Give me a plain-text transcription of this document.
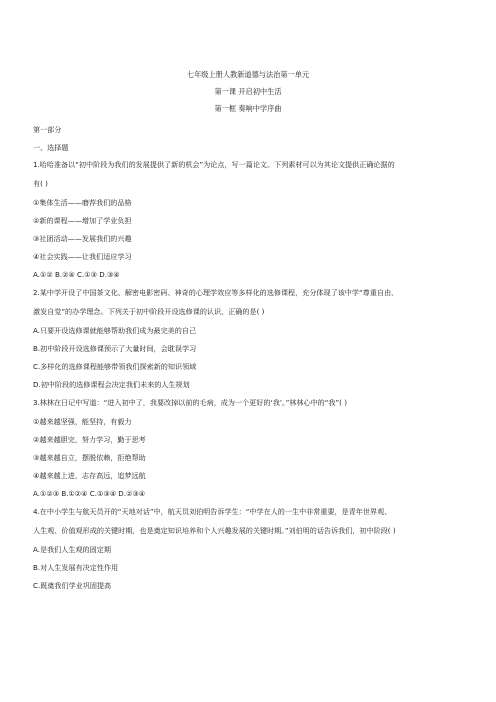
七年级上册人教新道德与法治第一单元
第一课 开启初中生活
第一框 奏响中学序曲
第一部分
一、选择题
1.哈哈准备以“初中阶段为我们的发展提供了新的机会”为论点，写一篇论文。下列素材可以为其论文提供正确论据的
有( )
①集体生活——磨荐我们的品格
②新的课程——增加了学业负担
③社团活动——发展我们的兴趣
④社会实践——让我们适应学习
A.①② B.②④ C.①③ D.③④
2.某中学开设了中国茶文化、解密电影密码、神奇的心理学效应等多样化的选修课程，充分体现了该中学“尊重自由，
激发自觉”的办学理念。下列关于初中阶段开设选修课的认识、正确的是( )
A.只要开设选修课就能够帮助我们成为最完美的自己
B.初中阶段开设选修课预示了大量时间，会耽误学习
C.多样化的选修课程能够带领我们探索新的知识领域
D.初中阶段的选修课程会决定我们未来的人生规划
3.林林在日记中写道：“进入初中了，我要改掉以前的毛病，成为一个更好的‘我’。”林林心中的“我”( )
①越来越坚强，能坚持，有毅力
②越来越胆完，努力学习，勤于思考
③越来越自立，摆脱依赖，拒绝帮助
④越来越上进，志存高远，追梦远航
A.①②③ B.①②④ C.①③④ D.②③④
4.在中小学生与航天员开的“天地对话”中，航天员刘伯明告诉学生：“中学在人的一生中非常重要，是青年世界观、
人生观、价值观形成的关键时期，也是奠定知识培养和个人兴趣发展的关键时期。”刘伯明的话告诉我们，初中阶段( )
A.是我们人生观的固定期
B.对人生发展有决定性作用
C.既奠我们学业巩固提高
